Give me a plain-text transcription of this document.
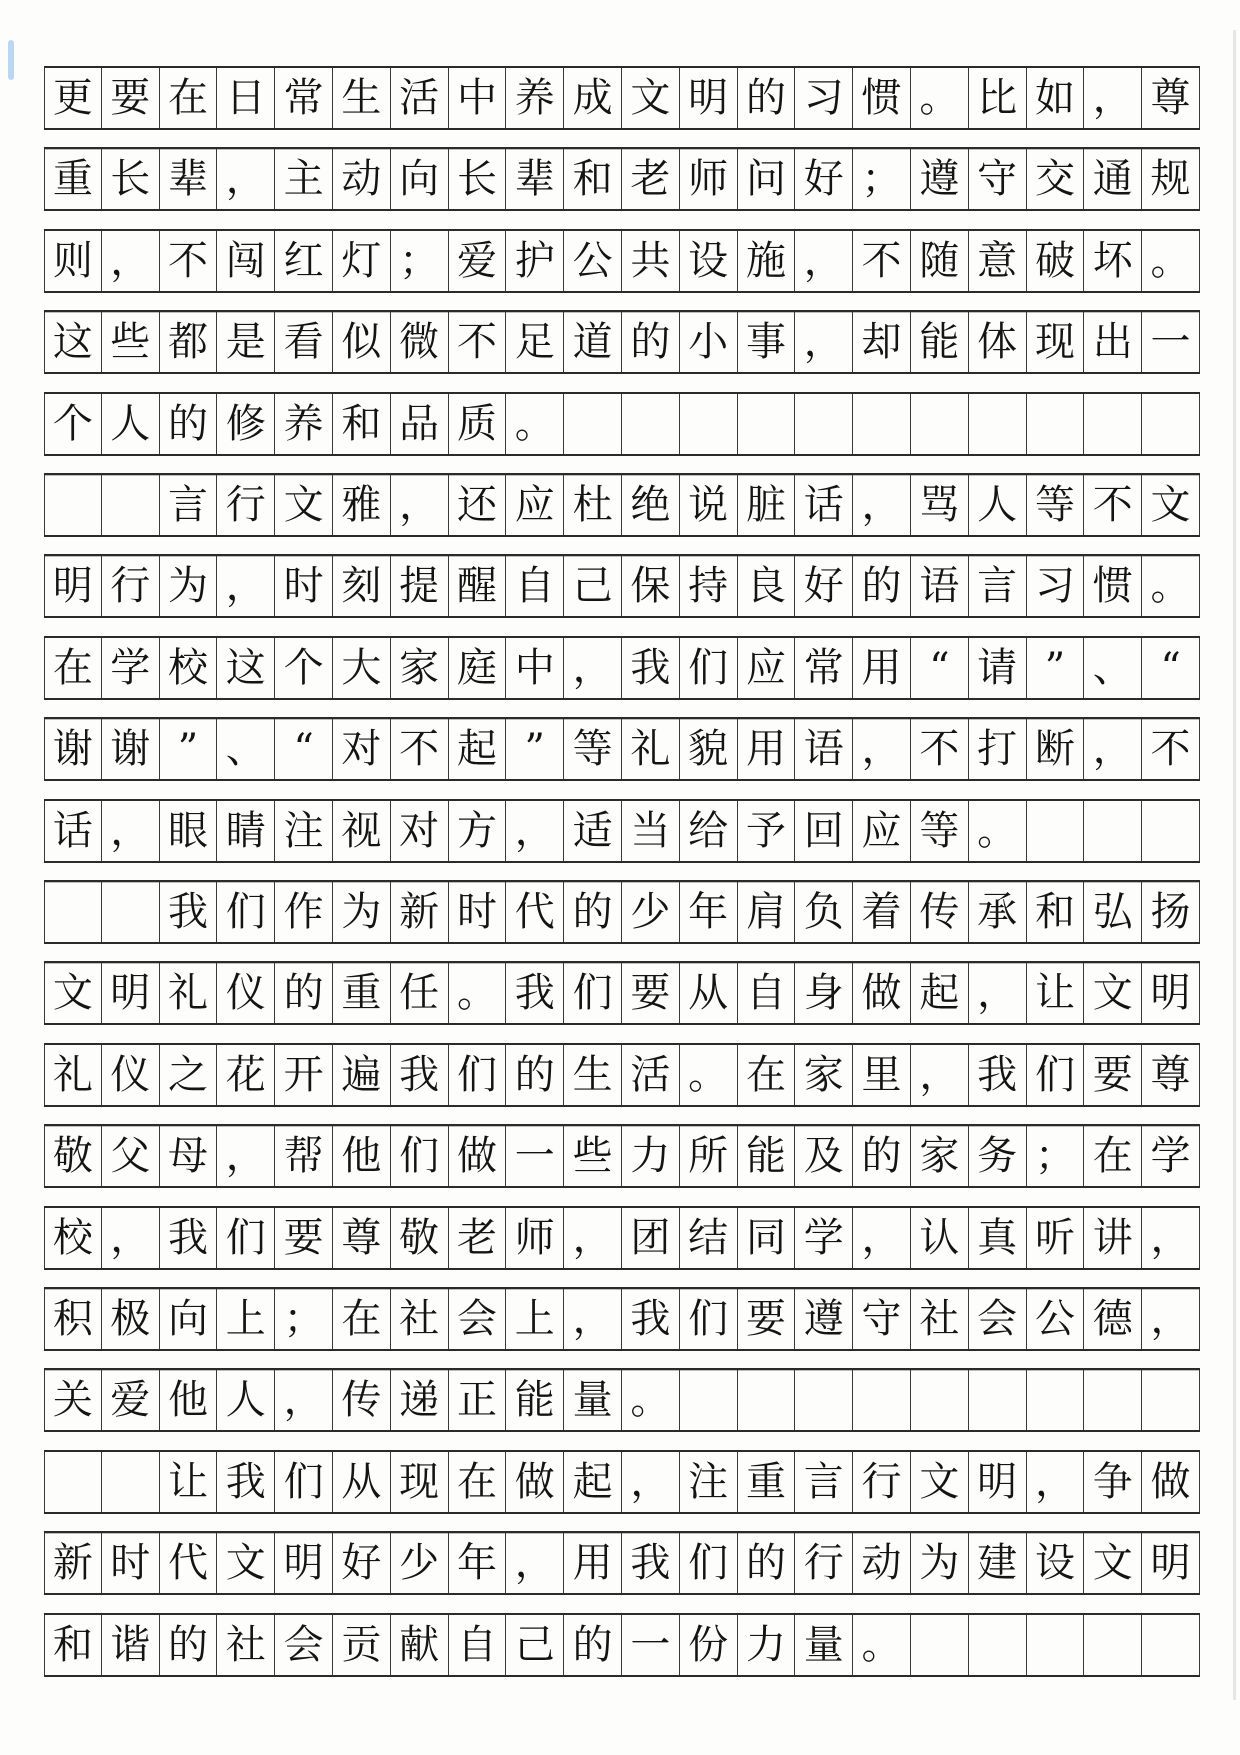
更 要 在 日 常 生 活 中 养 成 文 明 的 习 惯 。 比 如 ， 尊
重 长 辈 ， 主 动 向 长 辈 和 老 师 问 好 ； 遵 守 交 通 规
则 ， 不 闯 红 灯 ； 爱 护 公 共 设 施 ， 不 随 意 破 坏 。
这 些 都 是 看 似 微 不 足 道 的 小 事 ， 却 能 体 现 出 一
个 人 的 修 养 和 品 质 。
言 行 文 雅 ， 还 应 杜 绝 说 脏 话 ， 骂 人 等 不 文
明 行 为 ， 时 刻 提 醒 自 己 保 持 良 好 的 语 言 习 惯 。
在 学 校 这 个 大 家 庭 中 ， 我 们 应 常 用 “ 请 ” 、 “
谢 谢 ” 、 “ 对 不 起 ” 等 礼 貌 用 语 ， 不 打 断 ， 不
话 ， 眼 睛 注 视 对 方 ， 适 当 给 予 回 应 等 。
我 们 作 为 新 时 代 的 少 年 肩 负 着 传 承 和 弘 扬
文 明 礼 仪 的 重 任 。 我 们 要 从 自 身 做 起 ， 让 文 明
礼 仪 之 花 开 遍 我 们 的 生 活 。 在 家 里 ， 我 们 要 尊
敬 父 母 ， 帮 他 们 做 一 些 力 所 能 及 的 家 务 ； 在 学
校 ， 我 们 要 尊 敬 老 师 ， 团 结 同 学 ， 认 真 听 讲 ，
积 极 向 上 ； 在 社 会 上 ， 我 们 要 遵 守 社 会 公 德 ，
关 爱 他 人 ， 传 递 正 能 量 。
让 我 们 从 现 在 做 起 ， 注 重 言 行 文 明 ， 争 做
新 时 代 文 明 好 少 年 ， 用 我 们 的 行 动 为 建 设 文 明
和 谐 的 社 会 贡 献 自 己 的 一 份 力 量 。
